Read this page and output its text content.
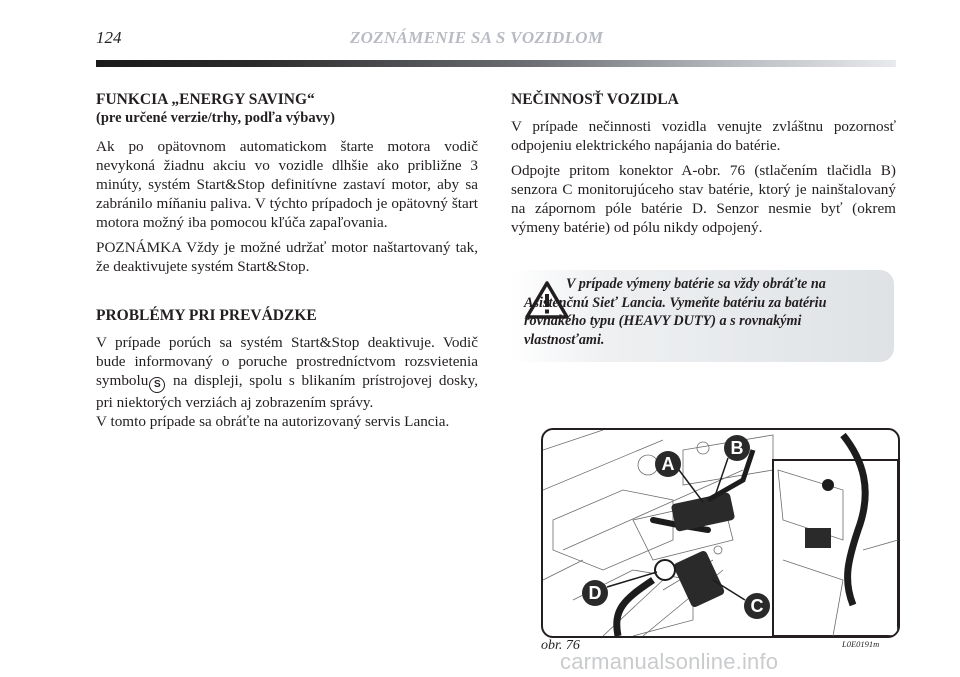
124	ZOZNÁMENIE SA S VOZIDLOM
FUNKCIA „ENERGY SAVING“
(pre určené verzie/trhy, podľa výbavy)

Ak po opätovnom automatickom štarte motora vodič nevykoná žiadnu akciu vo vozidle dlhšie ako približne 3 minúty, systém Start&Stop definitívne zastaví motor, aby sa zabránilo míňaniu paliva. V týchto prípadoch je opätovný štart motora možný iba pomocou kľúča zapaľovania.

POZNÁMKA Vždy je možné udržať motor naštartovaný tak, že deaktivujete systém Start&Stop.

PROBLÉMY PRI PREVÁDZKE

V prípade porúch sa systém Start&Stop deaktivuje. Vodič bude informovaný o poruche prostredníctvom rozsvietenia symbolu S na displeji, spolu s blikaním prístrojovej dosky, pri niektorých verziách aj zobrazením správy.

V tomto prípade sa obráťte na autorizovaný servis Lancia.

NEČINNOSŤ VOZIDLA

V prípade nečinnosti vozidla venujte zvláštnu pozornosť odpojeniu elektrického napájania do batérie.

Odpojte pritom konektor A-obr. 76 (stlačením tlačidla B) senzora C monitorujúceho stav batérie, ktorý je nainštalovaný na zápornom póle batérie D. Senzor nesmie byť (okrem výmeny batérie) od pólu nikdy odpojený.

V prípade výmeny batérie sa vždy obráťte na Asistenčnú Sieť Lancia. Vymeňte batériu za batériu rovnakého typu (HEAVY DUTY) a s rovnakými vlastnosťami.
A
B
C
D
obr. 76	L0E0191m
carmanualsonline.info
